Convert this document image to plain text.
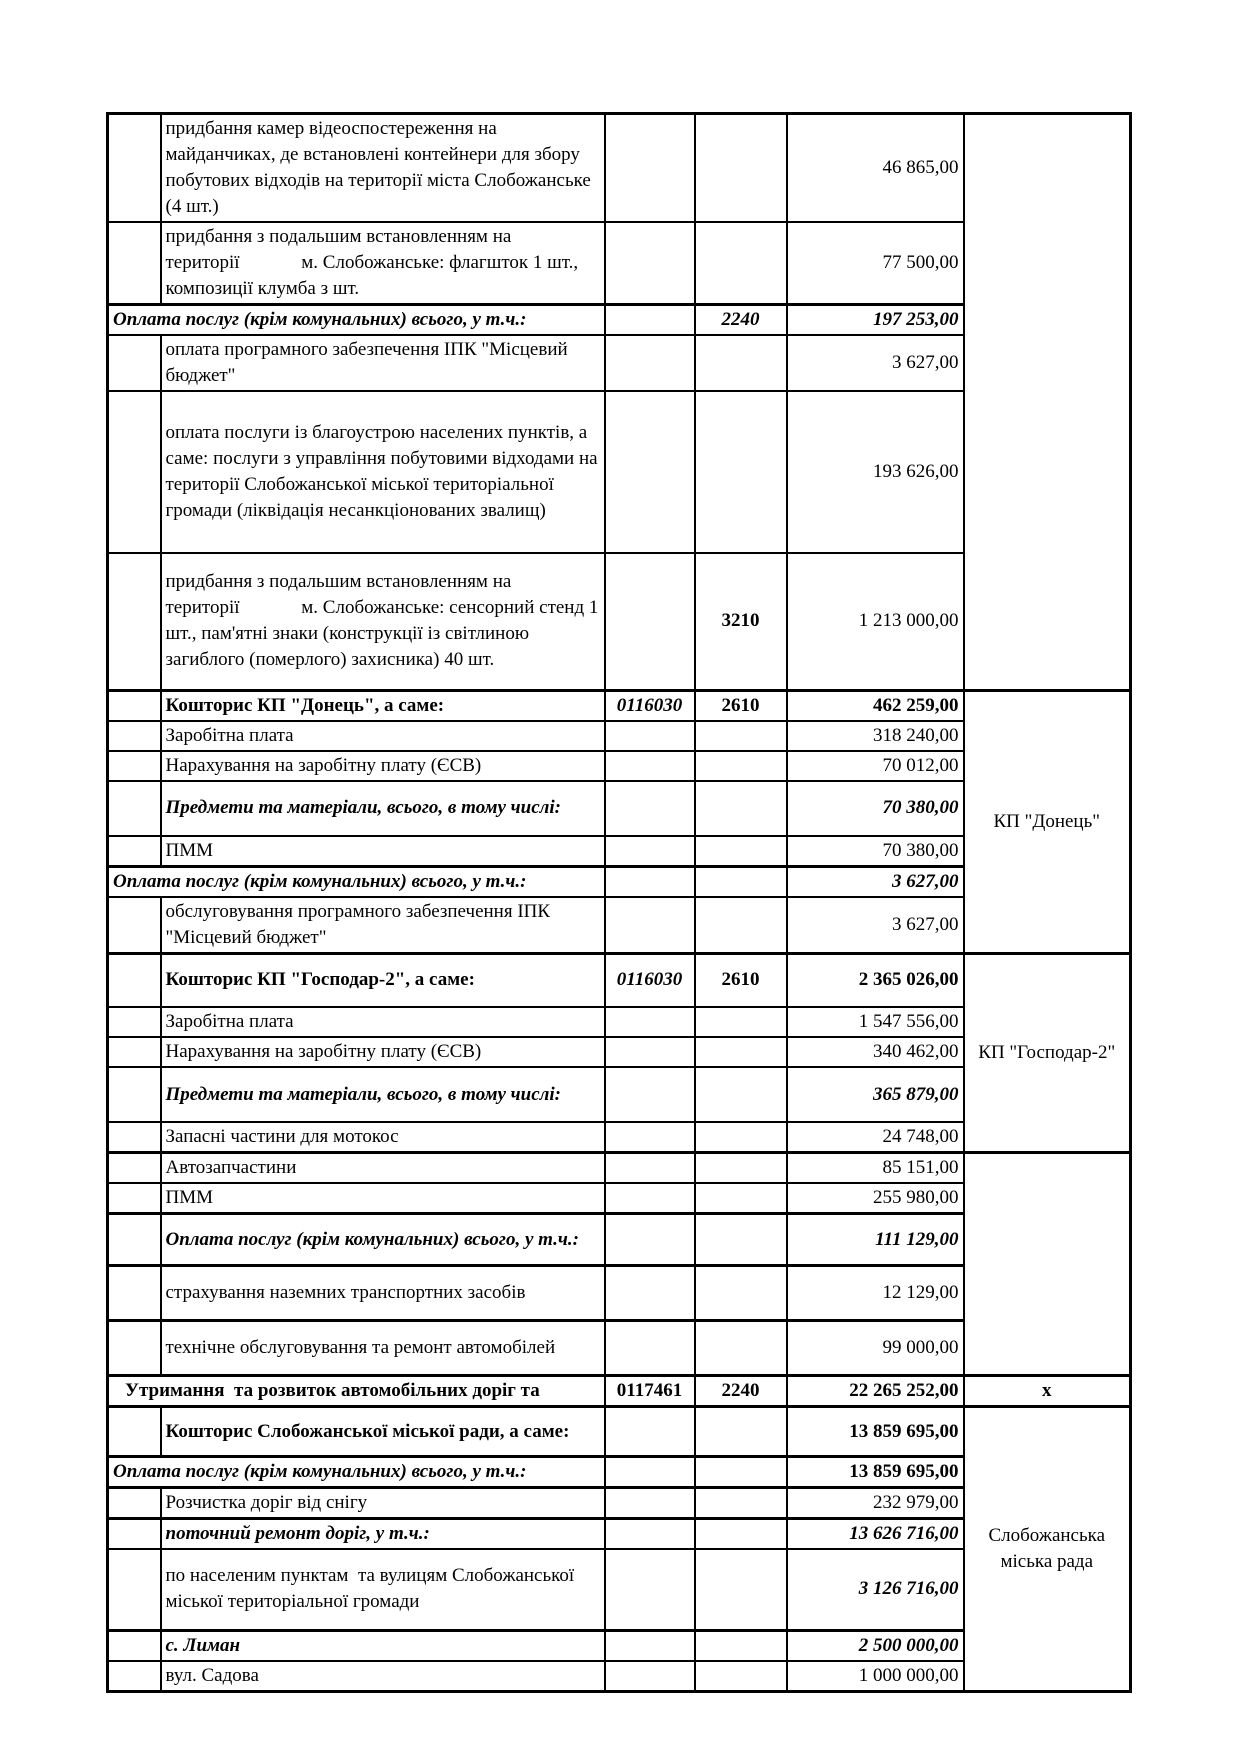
	придбання камер відеоспостереження на майданчиках, де встановлені контейнери для збору побутових відходів на території міста Слобожанське (4 шт.)			46 865,00	
	придбання з подальшим встановленням на території             м. Слобожанське: флагшток 1 шт., композиції клумба з шт.			77 500,00	
Оплата послуг (крім комунальних) всього, у т.ч.:			2240	197 253,00	
	оплата програмного забезпечення ІПК "Місцевий бюджет"			3 627,00	
	оплата послуги із благоустрою населених пунктів, а саме: послуги з управління побутовими відходами на території Слобожанської міської територіальної громади (ліквідація несанкціонованих звалищ)			193 626,00	
	придбання з подальшим встановленням на території             м. Слобожанське: сенсорний стенд 1 шт., пам'ятні знаки (конструкції із світлиною загиблого (померлого) захисника) 40 шт.		3210	1 213 000,00	
	Кошторис КП "Донець", а саме:	0116030	2610	462 259,00	КП "Донець"
	Заробітна плата			318 240,00	
	Нарахування на заробітну плату (ЄСВ)			70 012,00	
	Предмети та матеріали, всього, в тому числі:			70 380,00	
	ПММ			70 380,00	
Оплата послуг (крім комунальних) всього, у т.ч.:				3 627,00	
	обслуговування програмного забезпечення ІПК "Місцевий бюджет"			3 627,00	
	Кошторис КП "Господар-2", а саме:	0116030	2610	2 365 026,00	КП "Господар-2"
	Заробітна плата			1 547 556,00	
	Нарахування на заробітну плату (ЄСВ)			340 462,00	
	Предмети та матеріали, всього, в тому числі:			365 879,00	
	Запасні частини для мотокос			24 748,00	
	Автозапчастини			85 151,00	
	ПММ			255 980,00	
	Оплата послуг (крім комунальних) всього, у т.ч.:			111 129,00	
	страхування наземних транспортних засобів			12 129,00	
	технічне обслуговування та ремонт автомобілей			99 000,00	
Утримання  та розвиток автомобільних доріг та		0117461	2240	22 265 252,00	х
	Кошторис Слобожанської міської ради, а саме:			13 859 695,00	Слобожанська міська рада
Оплата послуг (крім комунальних) всього, у т.ч.:				13 859 695,00	
	Розчистка доріг від снігу			232 979,00	
	поточний ремонт доріг, у т.ч.:			13 626 716,00	
	по населеним пунктам  та вулицям Слобожанської  міської територіальної громади			3 126 716,00	
	с. Лиман			2 500 000,00	
	вул. Садова			1 000 000,00	
